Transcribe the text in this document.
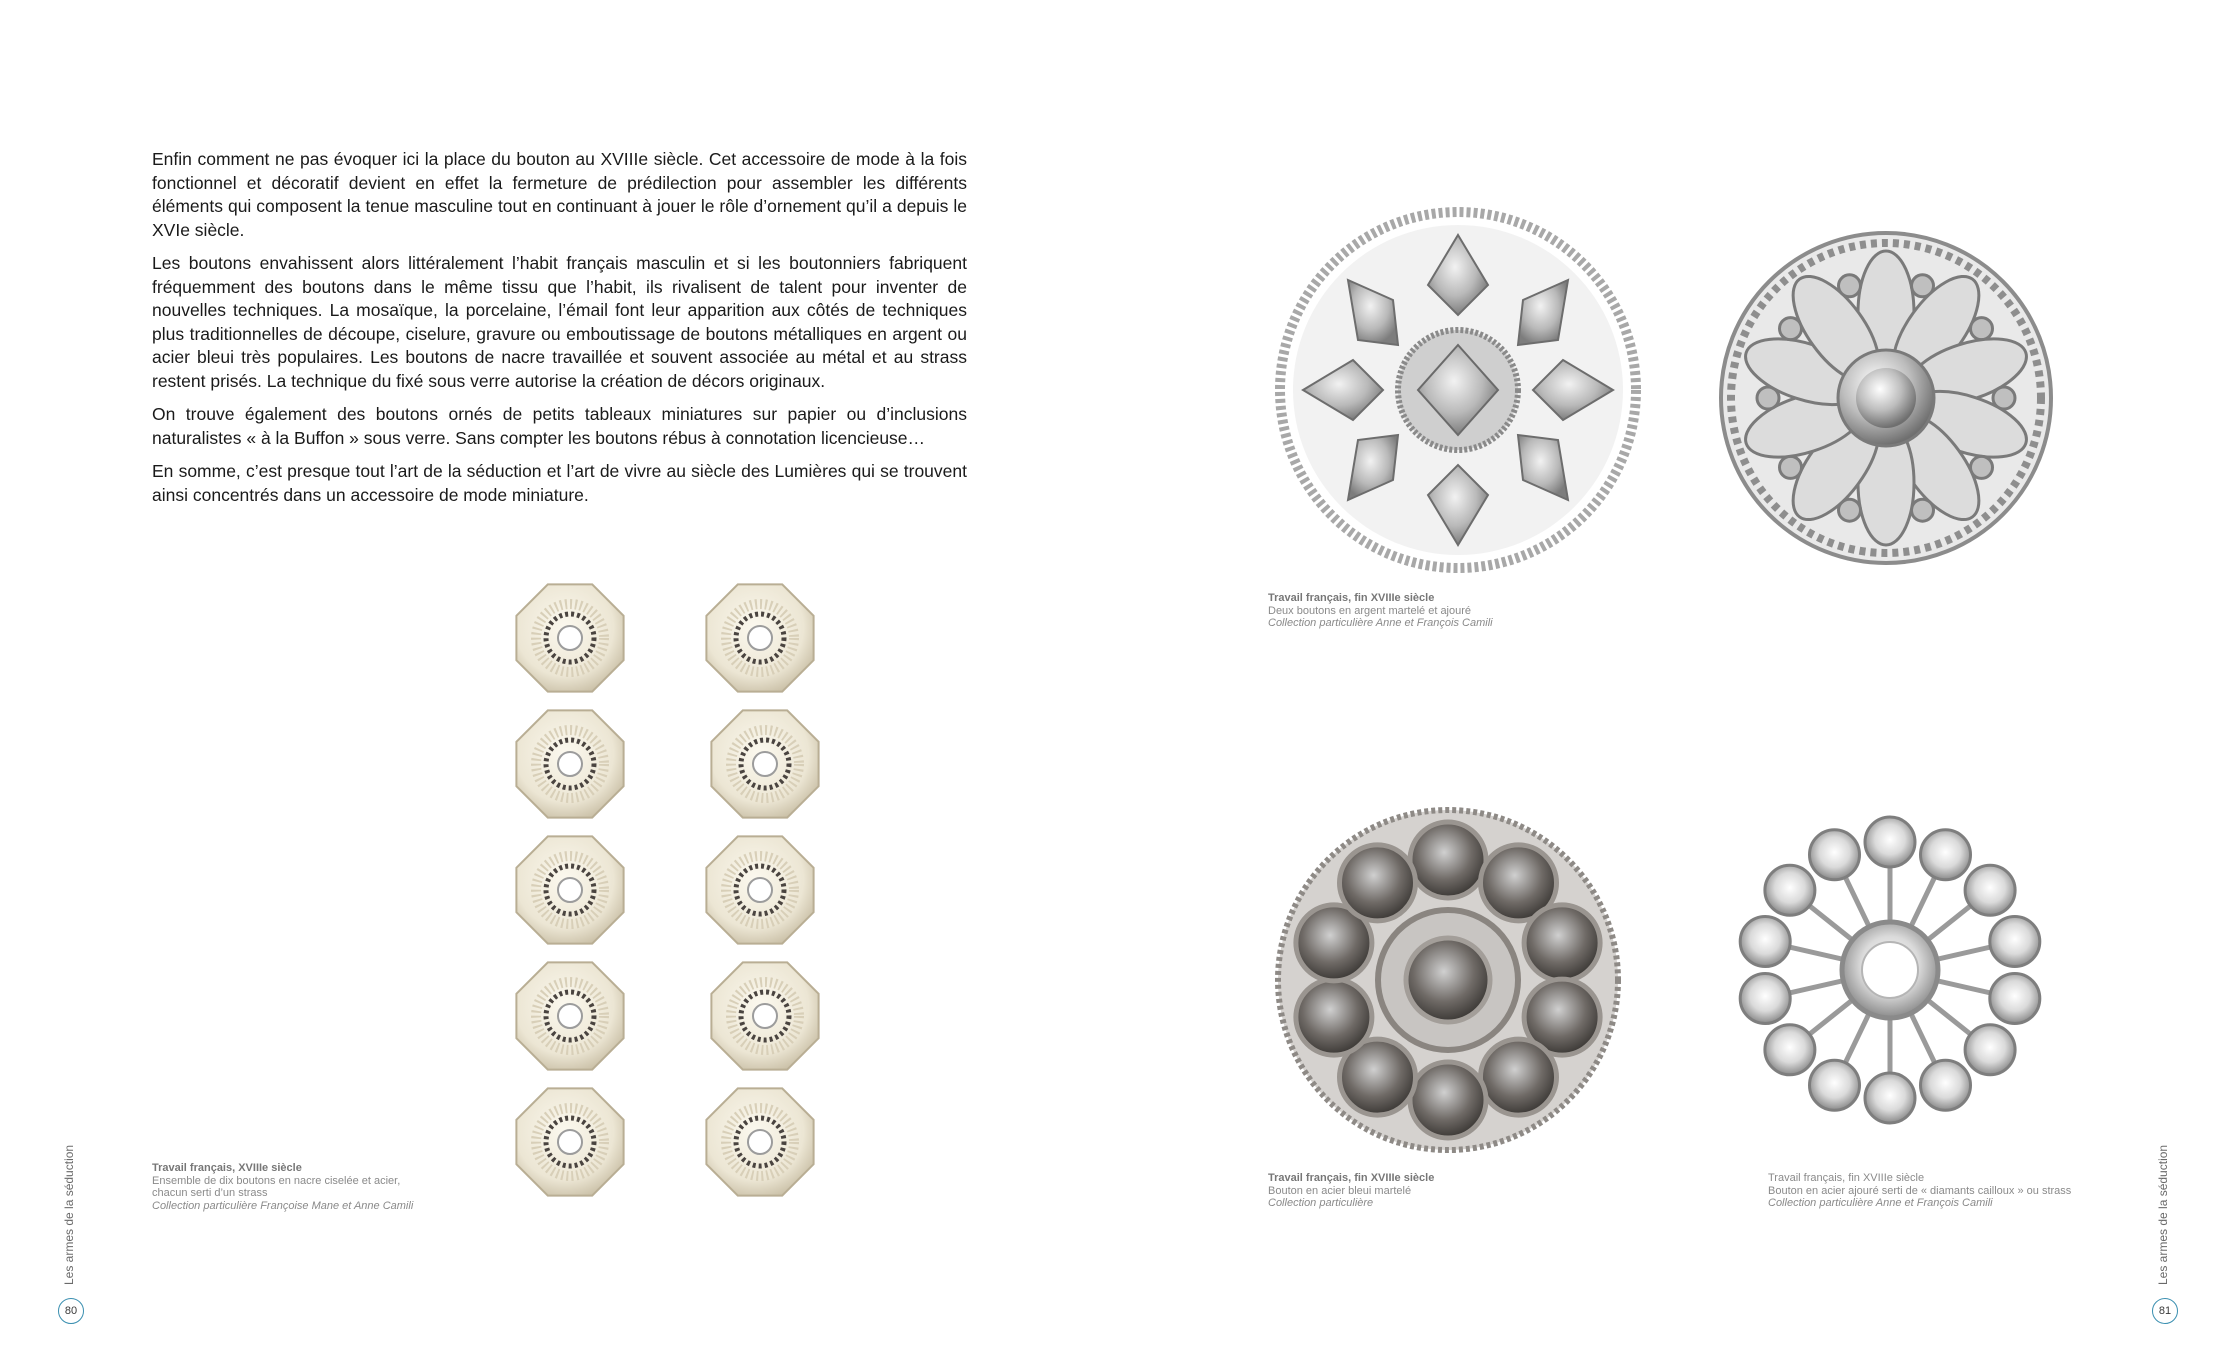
Enfin comment ne pas évoquer ici la place du bouton au XVIIIe siècle. Cet accessoire de mode à la fois fonctionnel et décoratif devient en effet la fermeture de prédilection pour assembler les différents éléments qui composent la tenue masculine tout en continuant à jouer le rôle d’ornement qu’il a depuis le XVIe siècle.

Les boutons envahissent alors littéralement l’habit français masculin et si les boutonniers fabriquent fréquemment des boutons dans le même tissu que l’habit, ils rivalisent de talent pour inventer de nouvelles techniques. La mosaïque, la porcelaine, l’émail font leur apparition aux côtés de techniques plus traditionnelles de découpe, ciselure, gravure ou emboutissage de boutons métalliques en argent ou acier bleui très populaires. Les boutons de nacre travaillée et souvent associée au métal et au strass restent prisés. La technique du fixé sous verre autorise la création de décors originaux.

On trouve également des boutons ornés de petits tableaux miniatures sur papier ou d’inclusions naturalistes « à la Buffon » sous verre. Sans compter les boutons rébus à connotation licencieuse…

En somme, c’est presque tout l’art de la séduction et l’art de vivre au siècle des Lumières qui se trouvent ainsi concentrés dans un accessoire de mode miniature.

Travail français, XVIIIe siècle
Ensemble de dix boutons en nacre ciselée et acier,
chacun serti d’un strass
Collection particulière Françoise Mane et Anne Camili
Les armes de la séduction
80
Travail français, fin XVIIIe siècle
Deux boutons en argent martelé et ajouré
Collection particulière Anne et François Camili
Travail français, fin XVIIIe siècle
Bouton en acier bleui martelé
Collection particulière
Travail français, fin XVIIIe siècle
Bouton en acier ajouré serti de « diamants cailloux » ou strass
Collection particulière Anne et François Camili	Les armes de la séduction
81
